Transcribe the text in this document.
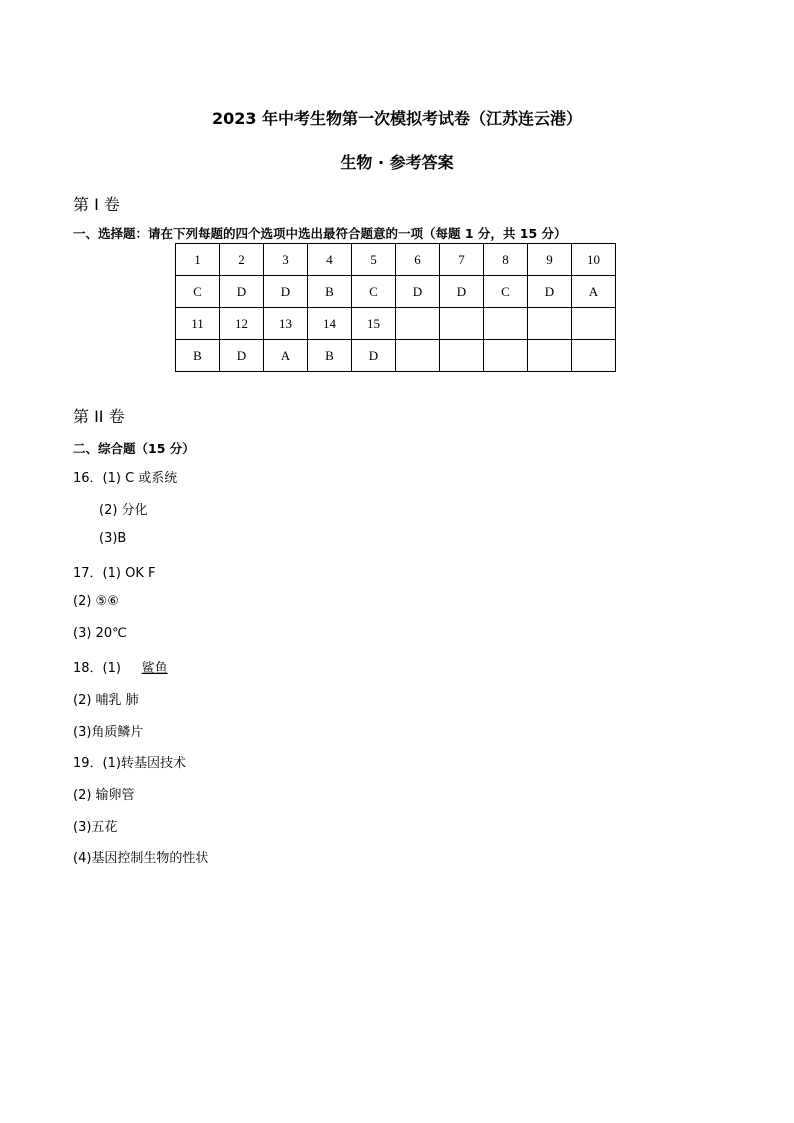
2023 年中考生物第一次模拟考试卷（江苏连云港）
生物 · 参考答案
第 I 卷
一、选择题：请在下列每题的四个选项中选出最符合题意的一项（每题 1 分，共 15 分）
1	2	3	4	5	6	7	8	9	10
C	D	D	B	C	D	D	C	D	A
11	12	13	14	15					
B	D	A	B	D					
第 II 卷
二、综合题（15 分）
16．(1) C 或系统
(2) 分化
(3)B
17．(1) OK F
(2) ⑤⑥
(3) 20℃
18．(1)     鲨鱼
(2) 哺乳 肺
(3)角质鳞片
19．(1)转基因技术
(2) 输卵管
(3)五花
(4)基因控制生物的性状
